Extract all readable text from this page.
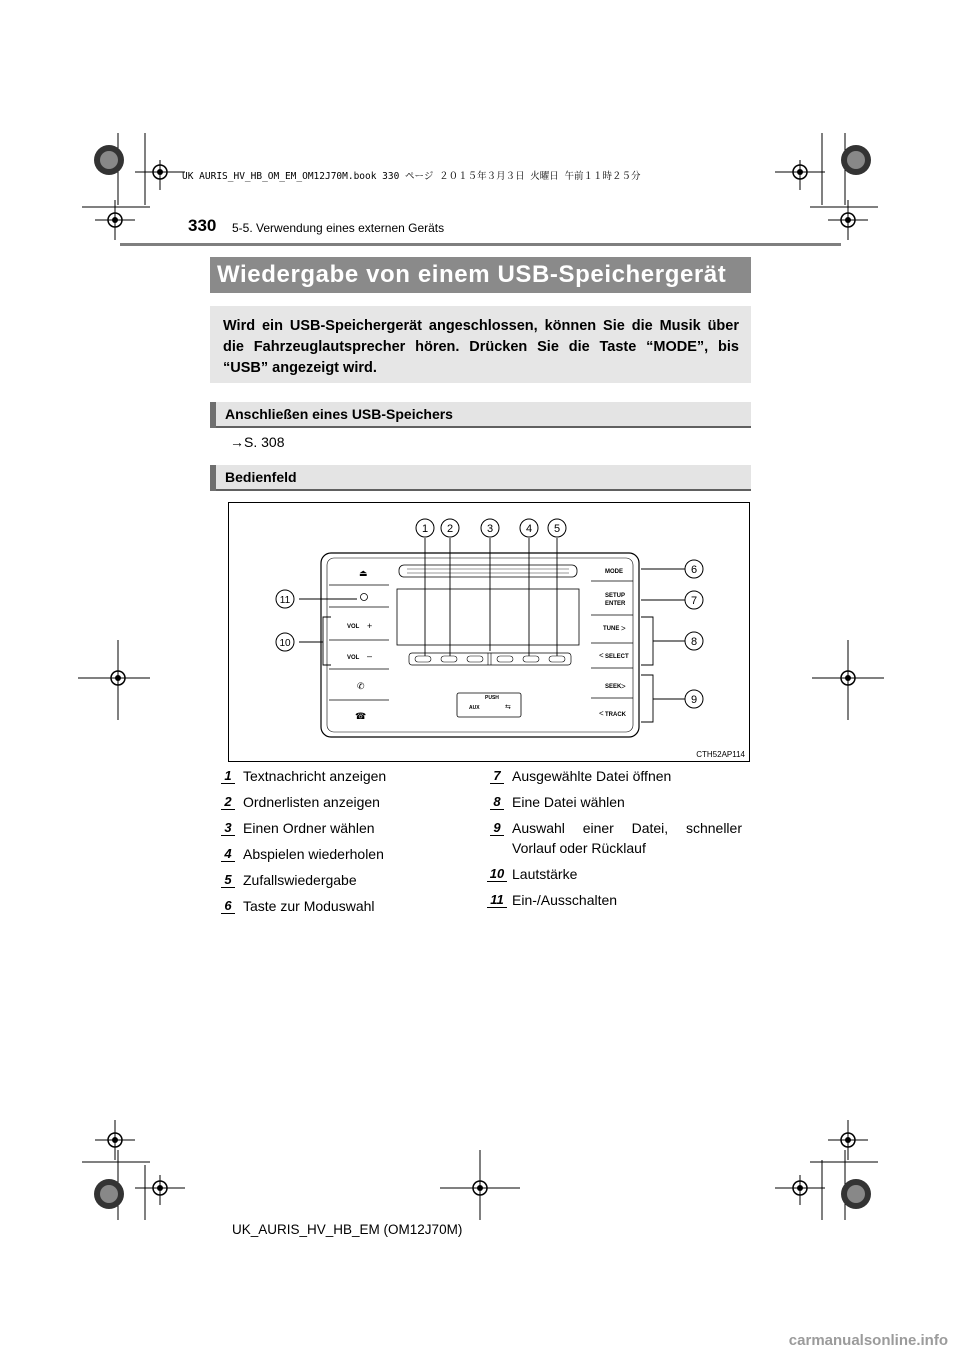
UK AURIS_HV_HB_OM_EM_OM12J70M.book 330 ページ ２０１５年３月３日 火曜日 午前１１時２５分
330 5-5. Verwendung eines externen Geräts
Wiedergabe von einem USB-Speichergerät
Wird ein USB-Speichergerät angeschlossen, können Sie die Musik über die Fahrzeuglautsprecher hören. Drücken Sie die Taste “MODE”, bis “USB” angezeigt wird.
Anschließen eines USB-Speichers
→S. 308
Bedienfeld
PUSH
AUX	⇆
⏏
VOL +
VOL –
✆
☎
MODE
SETUP
ENTER
TUNE >
< SELECT
SEEK >
< TRACK
1 2	3	4 5
6
7
8
9
10
11
CTH52AP114
1 Textnachricht anzeigen
2 Ordnerlisten anzeigen
3 Einen Ordner wählen
4 Abspielen wiederholen
5 Zufallswiedergabe
6 Taste zur Moduswahl
7 Ausgewählte Datei öffnen
8 Eine Datei wählen
9 Auswahl einer Datei, schneller Vorlauf oder Rücklauf
10 Lautstärke
11 Ein-/Ausschalten
UK_AURIS_HV_HB_EM (OM12J70M)
carmanualsonline.info
